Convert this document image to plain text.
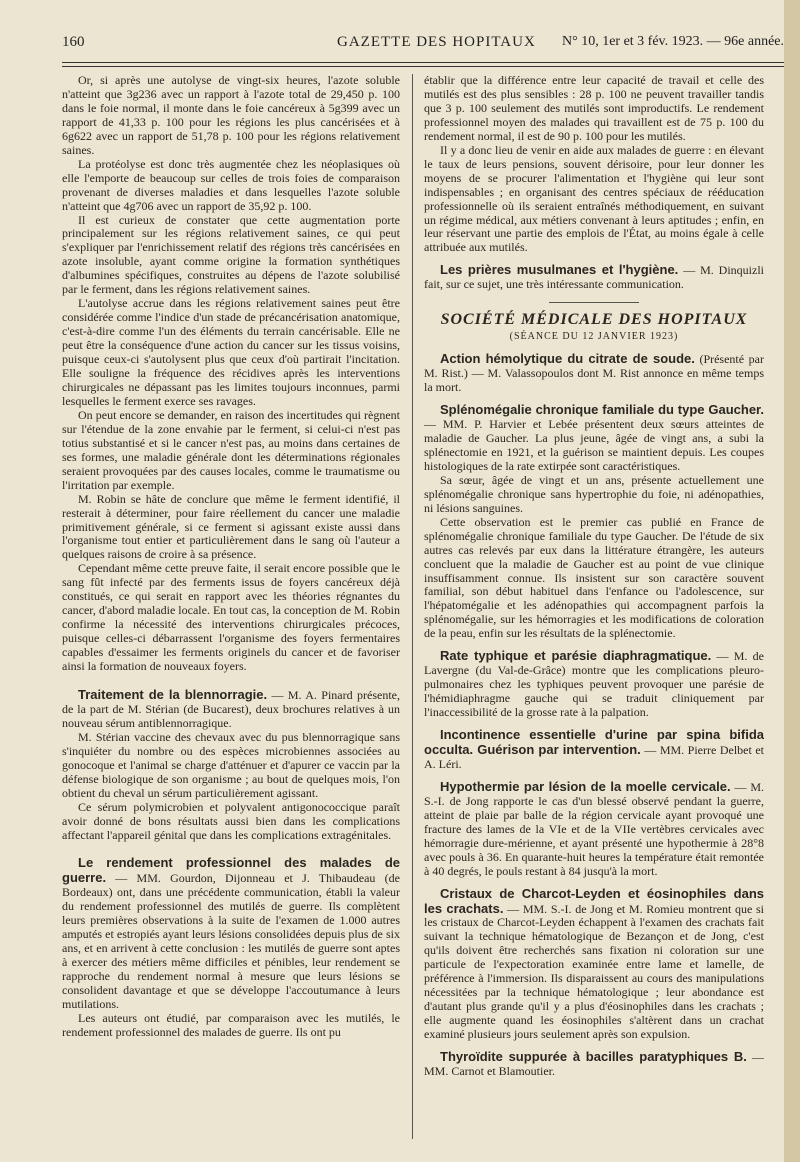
160	GAZETTE DES HOPITAUX N° 10, 1er et 3 fév. 1923. — 96e année.

Or, si après une autolyse de vingt-six heures, l'azote soluble n'atteint que 3g236 avec un rapport à l'azote total de 29,450 p. 100 dans le foie normal, il monte dans le foie cancéreux à 5g399 avec un rapport de 41,33 p. 100 pour les régions les plus cancérisées et à 6g622 avec un rapport de 51,78 p. 100 pour les régions relativement saines.

La protéolyse est donc très augmentée chez les néoplasiques où elle l'emporte de beaucoup sur celles de trois foies de comparaison provenant de diverses maladies et dans lesquelles l'azote soluble n'atteint que 4g706 avec un rapport de 35,92 p. 100.

Il est curieux de constater que cette augmentation porte principalement sur les régions relativement saines, ce qui peut s'expliquer par l'enrichissement relatif des régions très cancérisées en azote insoluble, ayant comme origine la formation synthétiques d'albumines spécifiques, construites au dépens de l'azote solubilisé par le ferment, dans les régions relativement saines.

L'autolyse accrue dans les régions relativement saines peut être considérée comme l'indice d'un stade de précancérisation anatomique, c'est-à-dire comme l'un des éléments du terrain cancérisable. Elle ne peut être la conséquence d'une action du cancer sur les tissus voisins, puisque ceux-ci s'autolysent plus que ceux d'où partirait l'incitation. Elle souligne la fréquence des récidives après les interventions chirurgicales ne dépassant pas les limites toujours inconnues, parmi lesquelles le ferment exerce ses ravages.

On peut encore se demander, en raison des incertitudes qui règnent sur l'étendue de la zone envahie par le ferment, si celui-ci n'est pas totius substantisé et si le cancer n'est pas, au moins dans certaines de ses formes, une maladie générale dont les déterminations régionales seraient provoquées par des causes locales, comme le traumatisme ou l'irritation par exemple.

M. Robin se hâte de conclure que même le ferment identifié, il resterait à déterminer, pour faire réellement du cancer une maladie primitivement générale, si ce ferment si agissant existe aussi dans l'organisme tout entier et particulièrement dans le sang où l'auteur a quelques raisons de croire à sa présence.

Cependant même cette preuve faite, il serait encore possible que le sang fût infecté par des ferments issus de foyers cancéreux déjà constitués, ce qui serait en rapport avec les théories régnantes du cancer, d'abord maladie locale. En tout cas, la conception de M. Robin confirme la nécessité des interventions chirurgicales précoces, puisque celles-ci débarrassent l'organisme des foyers fermentaires capables d'essaimer les ferments originels du cancer et de favoriser ainsi la formation de nouveaux foyers.

Traitement de la blennorragie. — M. A. Pinard présente, de la part de M. Stérian (de Bucarest), deux brochures relatives à un nouveau sérum antiblennorragique.

M. Stérian vaccine des chevaux avec du pus blennorragique sans s'inquiéter du nombre ou des espèces microbiennes associées au gonocoque et l'animal se charge d'atténuer et d'apurer ce vaccin par la défense biologique de son organisme ; au bout de quelques mois, l'on obtient du cheval un sérum particulièrement agissant.

Ce sérum polymicrobien et polyvalent antigonococcique paraît avoir donné de bons résultats aussi bien dans les complications affectant l'appareil génital que dans les complications extragénitales.

Le rendement professionnel des malades de guerre. — MM. Gourdon, Dijonneau et J. Thibaudeau (de Bordeaux) ont, dans une précédente communication, établi la valeur du rendement professionnel des mutilés de guerre. Ils complètent leurs premières observations à la suite de l'examen de 1.000 autres amputés et estropiés ayant leurs lésions consolidées depuis plus de six ans, et en arrivent à cette conclusion : les mutilés de guerre sont aptes à exercer des métiers même difficiles et pénibles, leur rendement se rapproche du rendement normal à mesure que leurs lésions se consolident davantage et que se développe l'accoutumance à leurs mutilations.

Les auteurs ont étudié, par comparaison avec les mutilés, le rendement professionnel des malades de guerre. Ils ont pu

établir que la différence entre leur capacité de travail et celle des mutilés est des plus sensibles : 28 p. 100 ne peuvent travailler tandis que 3 p. 100 seulement des mutilés sont improductifs. Le rendement professionnel moyen des malades qui travaillent est de 75 p. 100 du rendement normal, il est de 90 p. 100 pour les mutilés.

Il y a donc lieu de venir en aide aux malades de guerre : en élevant le taux de leurs pensions, souvent dérisoire, pour leur donner les moyens de se procurer l'alimentation et l'hygiène qui leur sont indispensables ; en organisant des centres spéciaux de rééducation professionnelle où ils seraient entraînés méthodiquement, en suivant un régime médical, aux métiers convenant à leurs aptitudes ; enfin, en leur réservant une partie des emplois de l'État, au moins égale à celle attribuée aux mutilés.

Les prières musulmanes et l'hygiène. — M. Dinquizli fait, sur ce sujet, une très intéressante communication.

SOCIÉTÉ MÉDICALE DES HOPITAUX
(SÉANCE DU 12 JANVIER 1923)

Action hémolytique du citrate de soude. (Présenté par M. Rist.) — M. Valassopoulos dont M. Rist annonce en même temps la mort.

Splénomégalie chronique familiale du type Gaucher. — MM. P. Harvier et Lebée présentent deux sœurs atteintes de maladie de Gaucher. La plus jeune, âgée de vingt ans, a subi la splénectomie en 1921, et la guérison se maintient depuis. Les coupes histologiques de la rate extirpée sont caractéristiques.

Sa sœur, âgée de vingt et un ans, présente actuellement une splénomégalie chronique sans hypertrophie du foie, ni adénopathies, ni lésions sanguines.

Cette observation est le premier cas publié en France de splénomégalie chronique familiale du type Gaucher. De l'étude de six autres cas relevés par eux dans la littérature étrangère, les auteurs concluent que la maladie de Gaucher est au point de vue clinique insuffisamment connue. Ils insistent sur son caractère souvent familial, son début habituel dans l'enfance ou l'adolescence, sur l'hépatomégalie et les adénopathies qui accompagnent parfois la splénomégalie, sur les hémorragies et les modifications de coloration de la peau, enfin sur les résultats de la splénectomie.

Rate typhique et parésie diaphragmatique. — M. de Lavergne (du Val-de-Grâce) montre que les complications pleuro-pulmonaires chez les typhiques peuvent provoquer une parésie de l'hémidiaphragme gauche qui se traduit cliniquement par l'inaccessibilité de la grosse rate à la palpation.

Incontinence essentielle d'urine par spina bifida occulta. Guérison par intervention. — MM. Pierre Delbet et A. Léri.

Hypothermie par lésion de la moelle cervicale. — M. S.-I. de Jong rapporte le cas d'un blessé observé pendant la guerre, atteint de plaie par balle de la région cervicale ayant provoqué une fracture des lames de la VIe et de la VIIe vertèbres cervicales avec hémorragie dure-mérienne, et ayant présenté une hypothermie à 28°8 avec pouls à 36. En quarante-huit heures la température était remontée à 40 degrés, le pouls restant à 84 jusqu'à la mort.

Cristaux de Charcot-Leyden et éosinophiles dans les crachats. — MM. S.-I. de Jong et M. Romieu montrent que si les cristaux de Charcot-Leyden échappent à l'examen des crachats fait suivant la technique hématologique de Bezançon et de Jong, c'est qu'ils doivent être recherchés sans fixation ni coloration sur une particule de l'expectoration examinée entre lame et lamelle, de préférence à l'immersion. Ils disparaissent au cours des manipulations nécessitées par la technique hématologique ; leur abondance est d'autant plus grande qu'il y a plus d'éosinophiles dans les crachats ; elle augmente quand les éosinophiles s'altèrent dans un crachat examiné plusieurs jours seulement après son expulsion.

Thyroïdite suppurée à bacilles paratyphiques B. — MM. Carnot et Blamoutier.
